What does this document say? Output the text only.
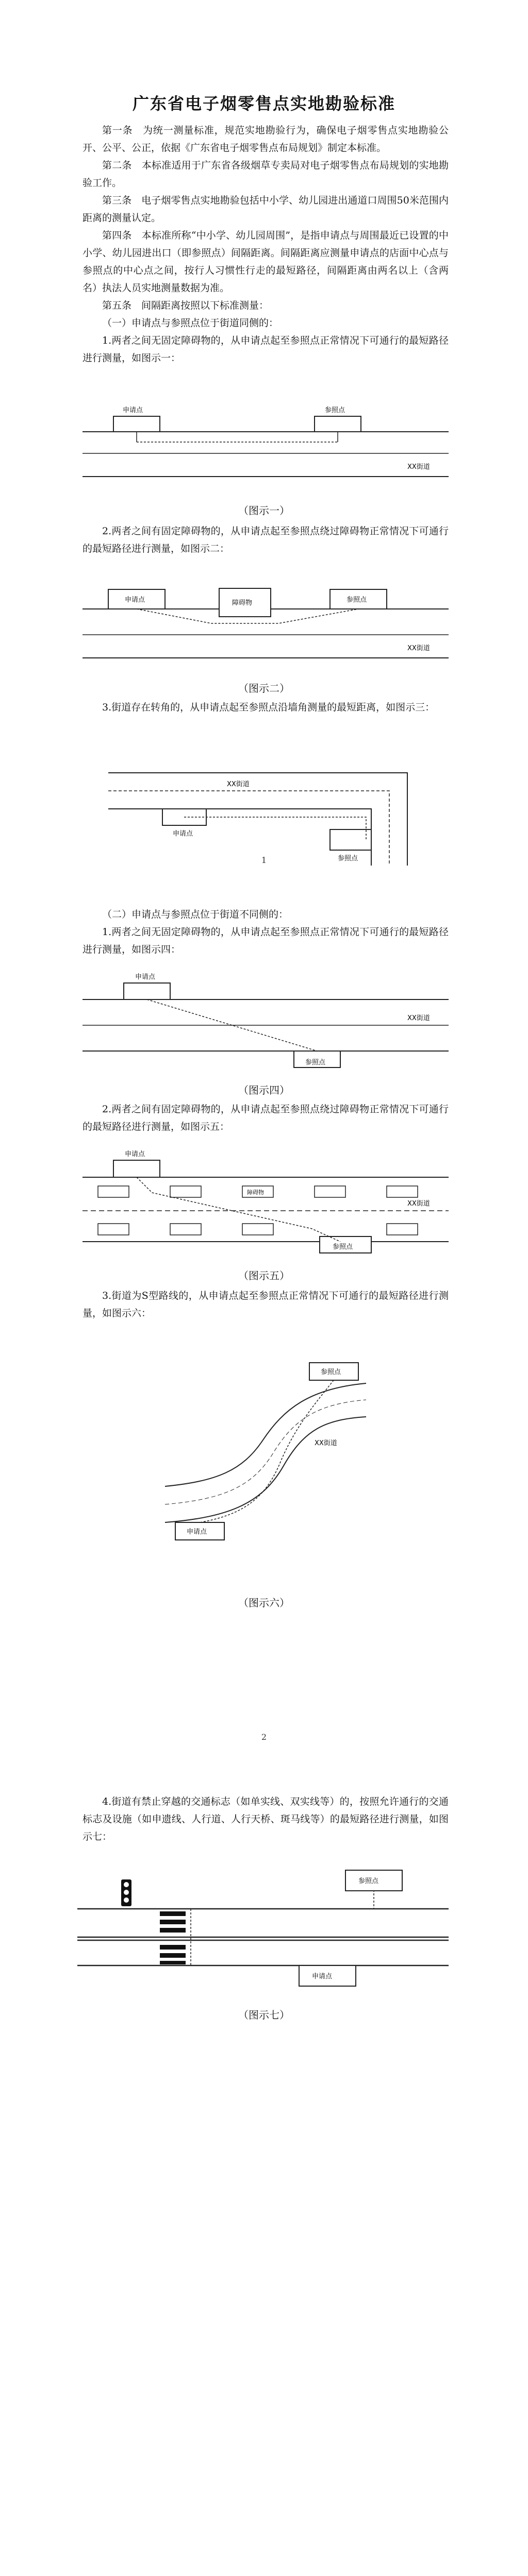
广东省电子烟零售点实地勘验标准

第一条　为统一测量标准，规范实地勘验行为，确保电子烟零售点实地勘验公开、公平、公正，依据《广东省电子烟零售点布局规划》制定本标准。

第二条　本标准适用于广东省各级烟草专卖局对电子烟零售点布局规划的实地勘验工作。

第三条　电子烟零售点实地勘验包括中小学、幼儿园进出通道口周围50米范围内距离的测量认定。

第四条　本标准所称“中小学、幼儿园周围”，是指申请点与周围最近已设置的中小学、幼儿园进出口（即参照点）间隔距离。间隔距离应测量申请点的店面中心点与参照点的中心点之间，按行人习惯性行走的最短路径，间隔距离由两名以上（含两名）执法人员实地测量数据为准。

第五条　间隔距离按照以下标准测量：

（一）申请点与参照点位于街道同侧的：

1.两者之间无固定障碍物的，从申请点起至参照点正常情况下可通行的最短路径进行测量，如图示一：

申请点	参照点
XX街道
（图示一）

2.两者之间有固定障碍物的，从申请点起至参照点绕过障碍物正常情况下可通行的最短路径进行测量，如图示二：

申请点	障碍物	参照点
XX街道
（图示二）

3.街道存在转角的，从申请点起至参照点沿墙角测量的最短距离，如图示三：

1
XX街道
申请点
参照点

（二）申请点与参照点位于街道不同侧的：

1.两者之间无固定障碍物的，从申请点起至参照点正常情况下可通行的最短路径进行测量，如图示四：

申请点
参照点
XX街道
（图示四）

2.两者之间有固定障碍物的，从申请点起至参照点绕过障碍物正常情况下可通行的最短路径进行测量，如图示五：

申请点
障碍物
参照点
XX街道
（图示五）

3.街道为S型路线的，从申请点起至参照点正常情况下可通行的最短路径进行测量，如图示六：

参照点
XX街道
申请点
（图示六）
2

4.街道有禁止穿越的交通标志（如单实线、双实线等）的，按照允许通行的交通标志及设施（如申遗线、人行道、人行天桥、斑马线等）的最短路径进行测量，如图示七：

参照点
申请点
（图示七）
